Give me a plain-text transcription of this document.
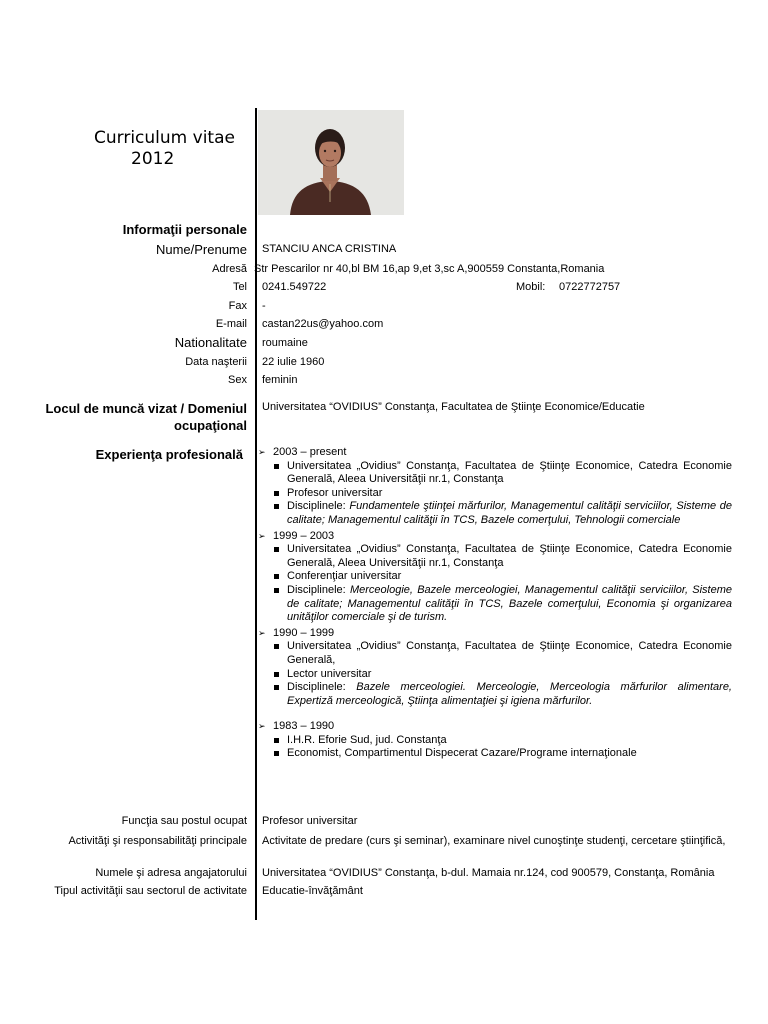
Curriculum vitae
2012
Informaţii personale
Nume/Prenume STANCIU ANCA CRISTINA
Adresă Str Pescarilor nr 40,bl BM 16,ap 9,et 3,sc A,900559 Constanta,Romania
Tel 0241.549722	Mobil: 0722772757
Fax -
E-mail castan22us@yahoo.com
Nationalitate roumaine
Data naşterii 22 iulie 1960
Sex feminin
Locul de muncă vizat / Domeniul
ocupaţional
Universitatea “OVIDIUS” Constanţa, Facultatea de Ştiinţe Economice/Educatie
Experienţa profesională ➢ 2003 – present
Universitatea „Ovidius” Constanţa, Facultatea de Ştiinţe Economice, Catedra Economie Generală, Aleea Universităţii nr.1, Constanţa
Profesor universitar
Disciplinele: Fundamentele ştiinţei mărfurilor, Managementul calităţii serviciilor, Sisteme de calitate; Managementul calităţii în TCS, Bazele comerţului, Tehnologii comerciale
➢ 1999 – 2003
Universitatea „Ovidius” Constanţa, Facultatea de Ştiinţe Economice, Catedra Economie Generală, Aleea Universităţii nr.1, Constanţa
Conferenţiar universitar
Disciplinele: Merceologie, Bazele merceologiei, Managementul calităţii serviciilor, Sisteme de calitate; Managementul calităţii în TCS, Bazele comerţului, Economia şi organizarea unităţilor comerciale şi de turism.
➢ 1990 – 1999
Universitatea „Ovidius” Constanţa, Facultatea de Ştiinţe Economice, Catedra Economie Generală,
Lector universitar
Disciplinele: Bazele merceologiei. Merceologie, Merceologia mărfurilor alimentare, Expertiză merceologică, Ştiinţa alimentaţiei şi igiena mărfurilor.
➢ 1983 – 1990
I.H.R. Eforie Sud, jud. Constanţa
Economist, Compartimentul Dispecerat Cazare/Programe internaţionale
Funcţia sau postul ocupat Profesor universitar
Activităţi şi responsabilităţi principale Activitate de predare (curs şi seminar), examinare nivel cunoştinţe studenţi, cercetare ştiinţifică,
Numele şi adresa angajatorului Universitatea “OVIDIUS” Constanţa, b-dul. Mamaia nr.124, cod 900579, Constanţa, România
Tipul activităţii sau sectorul de activitate Educatie-învăţământ
